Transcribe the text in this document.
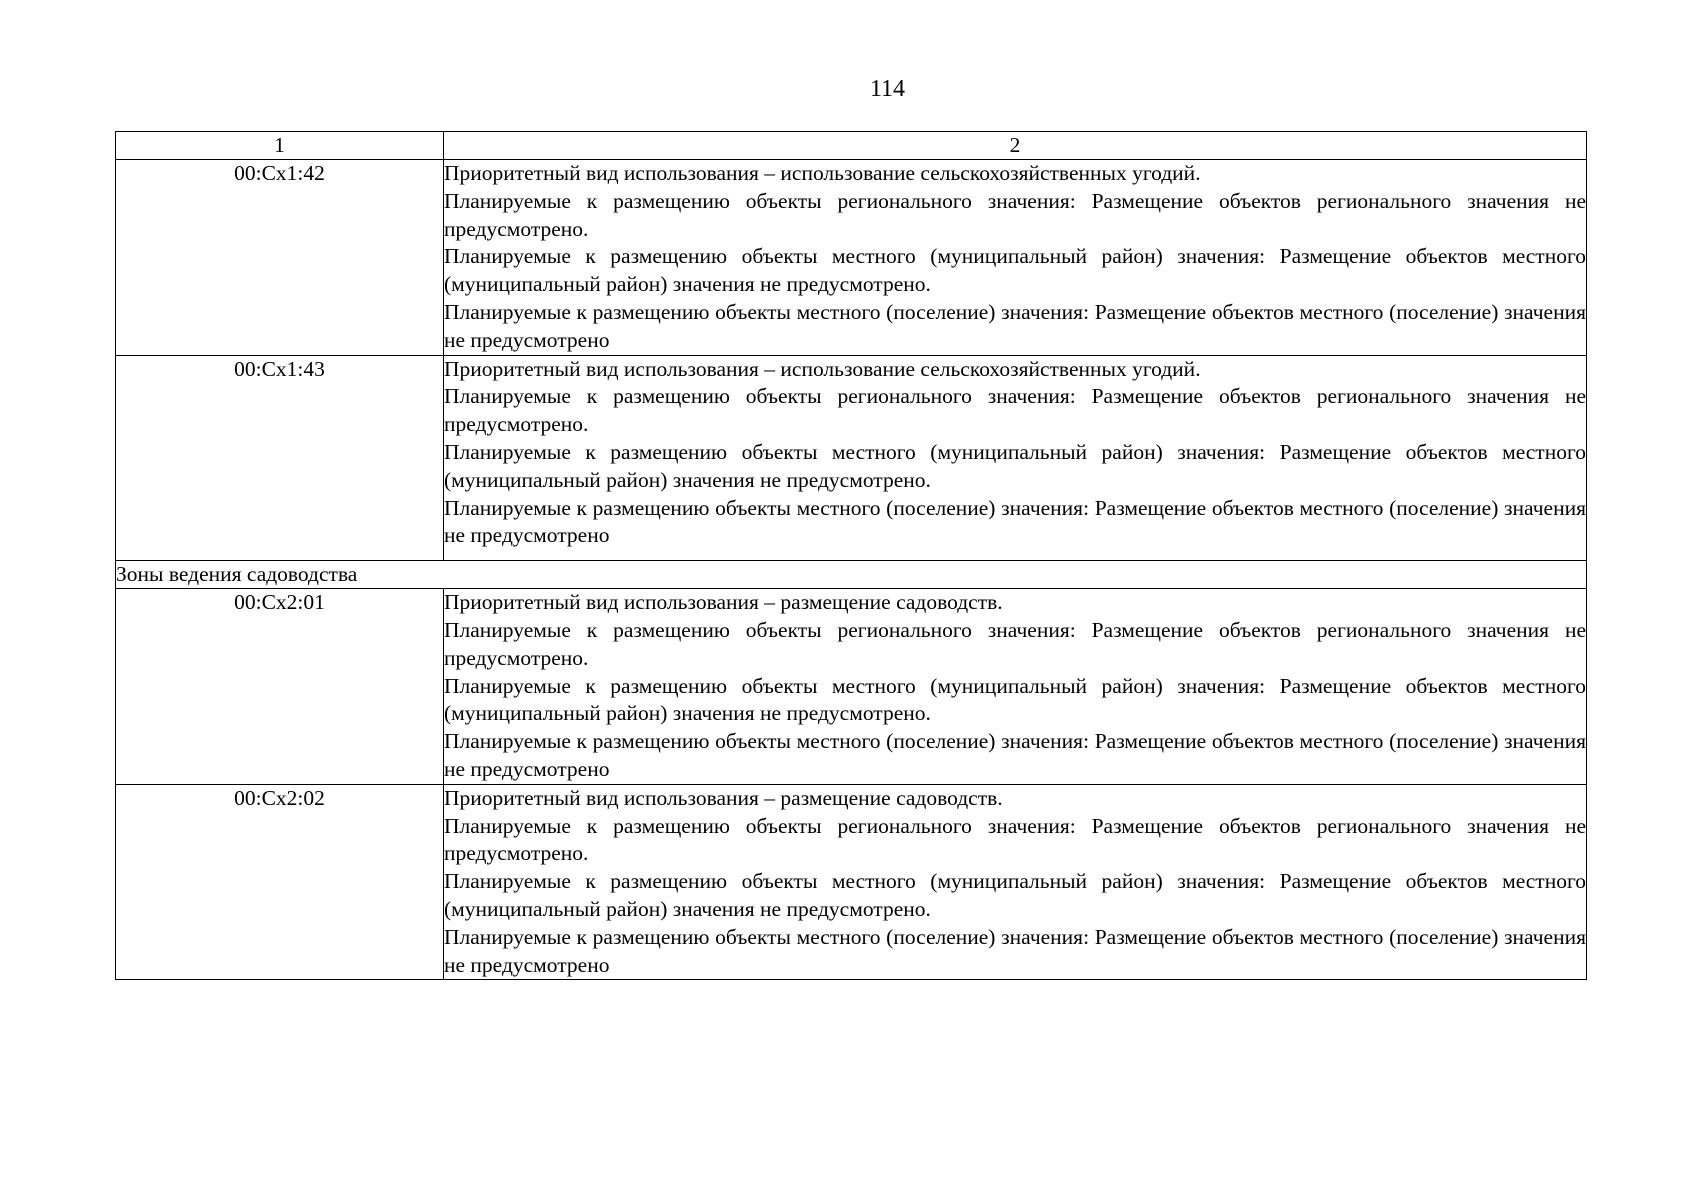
114
1	2
00:Cx1:42	Приоритетный вид использования – использование сельскохозяйственных угодий.

Планируемые к размещению объекты регионального значения: Размещение объектов регионального значения не предусмотрено.

Планируемые к размещению объекты местного (муниципальный район) значения: Размещение объектов местного (муниципальный район) значения не предусмотрено.

Планируемые к размещению объекты местного (поселение) значения: Размещение объектов местного (поселение) значения не предусмотрено

00:Cx1:43	Приоритетный вид использования – использование сельскохозяйственных угодий.

Планируемые к размещению объекты регионального значения: Размещение объектов регионального значения не предусмотрено.

Планируемые к размещению объекты местного (муниципальный район) значения: Размещение объектов местного (муниципальный район) значения не предусмотрено.

Планируемые к размещению объекты местного (поселение) значения: Размещение объектов местного (поселение) значения не предусмотрено

Зоны ведения садоводства	
00:Cx2:01	Приоритетный вид использования – размещение садоводств.

Планируемые к размещению объекты регионального значения: Размещение объектов регионального значения не предусмотрено.

Планируемые к размещению объекты местного (муниципальный район) значения: Размещение объектов местного (муниципальный район) значения не предусмотрено.

Планируемые к размещению объекты местного (поселение) значения: Размещение объектов местного (поселение) значения не предусмотрено

00:Cx2:02	Приоритетный вид использования – размещение садоводств.

Планируемые к размещению объекты регионального значения: Размещение объектов регионального значения не предусмотрено.

Планируемые к размещению объекты местного (муниципальный район) значения: Размещение объектов местного (муниципальный район) значения не предусмотрено.

Планируемые к размещению объекты местного (поселение) значения: Размещение объектов местного (поселение) значения не предусмотрено
